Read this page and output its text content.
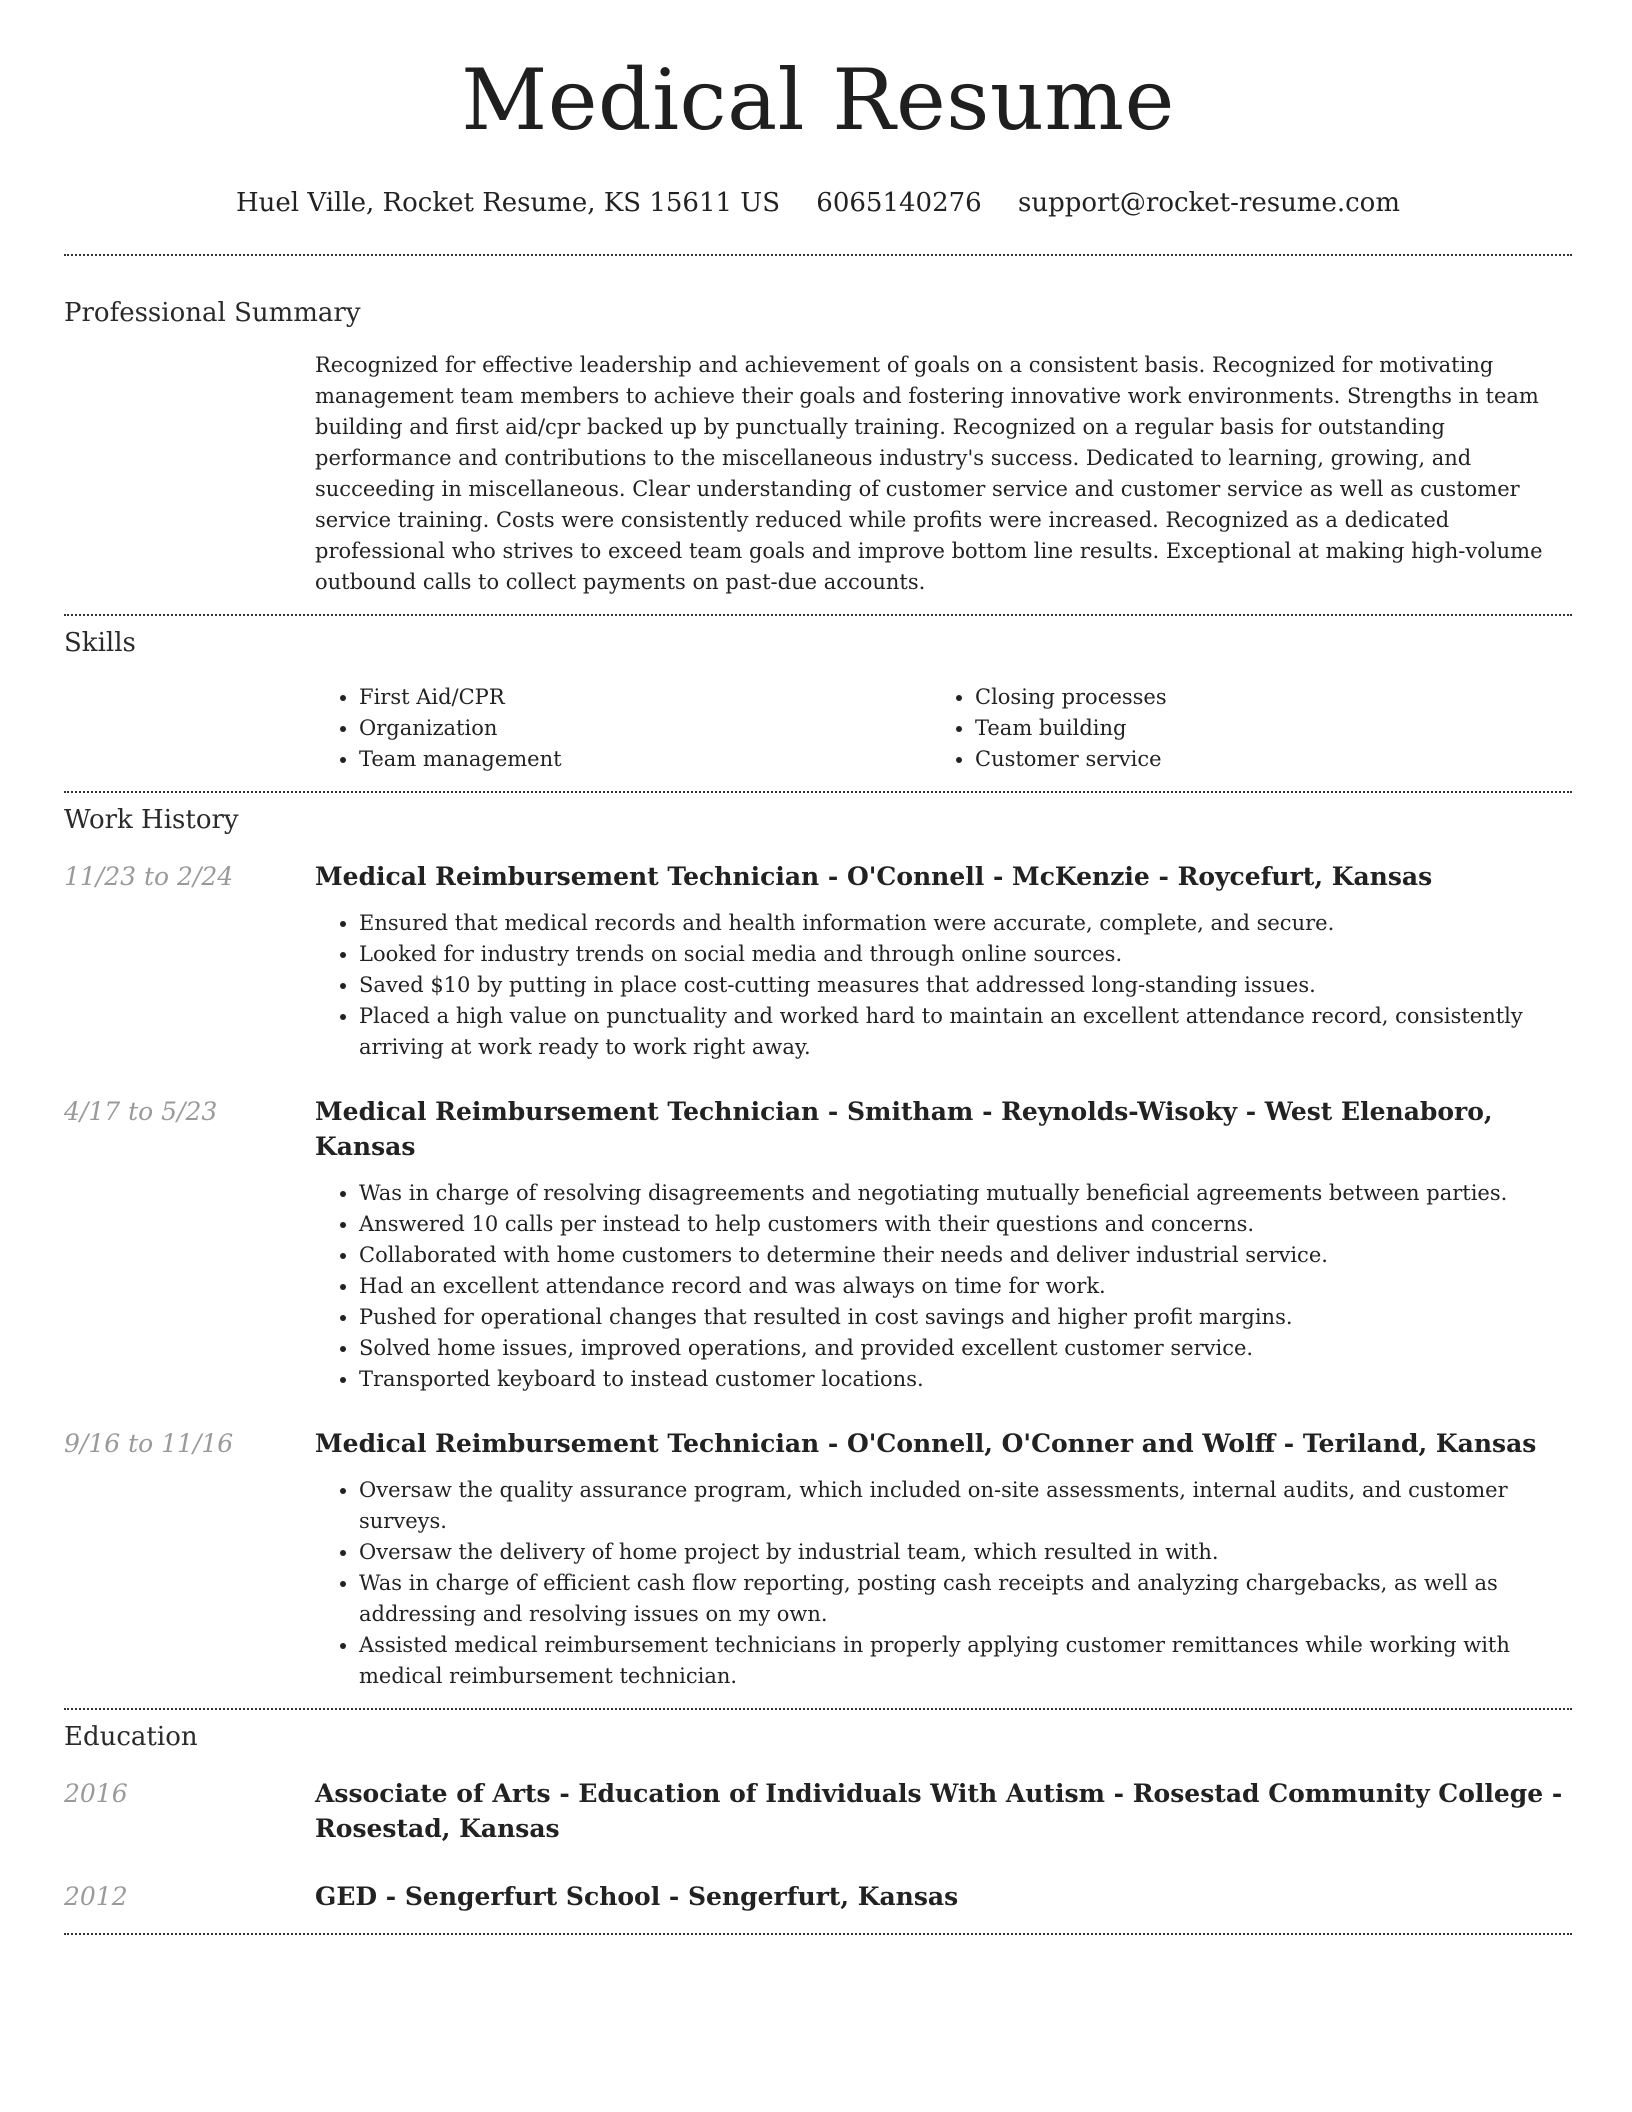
Medical Resume
Huel Ville, Rocket Resume, KS 15611 US 6065140276 support@rocket-resume.com
Professional Summary

Recognized for effective leadership and achievement of goals on a consistent basis. Recognized for motivating management team members to achieve their goals and fostering innovative work environments. Strengths in team building and first aid/cpr backed up by punctually training. Recognized on a regular basis for outstanding performance and contributions to the miscellaneous industry's success. Dedicated to learning, growing, and succeeding in miscellaneous. Clear understanding of customer service and customer service as well as customer service training. Costs were consistently reduced while profits were increased. Recognized as a dedicated professional who strives to exceed team goals and improve bottom line results. Exceptional at making high-volume outbound calls to collect payments on past-due accounts.

Skills
• First Aid/CPR
• Organization
• Team management
• Closing processes
• Team building
• Customer service
Work History
11/23 to 2/24	Medical Reimbursement Technician - O'Connell - McKenzie - Roycefurt, Kansas
• Ensured that medical records and health information were accurate, complete, and secure.
• Looked for industry trends on social media and through online sources.
• Saved $10 by putting in place cost-cutting measures that addressed long-standing issues.
• Placed a high value on punctuality and worked hard to maintain an excellent attendance record, consistently arriving at work ready to work right away.
4/17 to 5/23	Medical Reimbursement Technician - Smitham - Reynolds-Wisoky - West Elenaboro, Kansas
• Was in charge of resolving disagreements and negotiating mutually beneficial agreements between parties.
• Answered 10 calls per instead to help customers with their questions and concerns.
• Collaborated with home customers to determine their needs and deliver industrial service.
• Had an excellent attendance record and was always on time for work.
• Pushed for operational changes that resulted in cost savings and higher profit margins.
• Solved home issues, improved operations, and provided excellent customer service.
• Transported keyboard to instead customer locations.
9/16 to 11/16	Medical Reimbursement Technician - O'Connell, O'Conner and Wolff - Teriland, Kansas
• Oversaw the quality assurance program, which included on-site assessments, internal audits, and customer surveys.
• Oversaw the delivery of home project by industrial team, which resulted in with.
• Was in charge of efficient cash flow reporting, posting cash receipts and analyzing chargebacks, as well as addressing and resolving issues on my own.
• Assisted medical reimbursement technicians in properly applying customer remittances while working with medical reimbursement technician.
Education
2016	Associate of Arts - Education of Individuals With Autism - Rosestad Community College - Rosestad, Kansas
2012	GED - Sengerfurt School - Sengerfurt, Kansas
